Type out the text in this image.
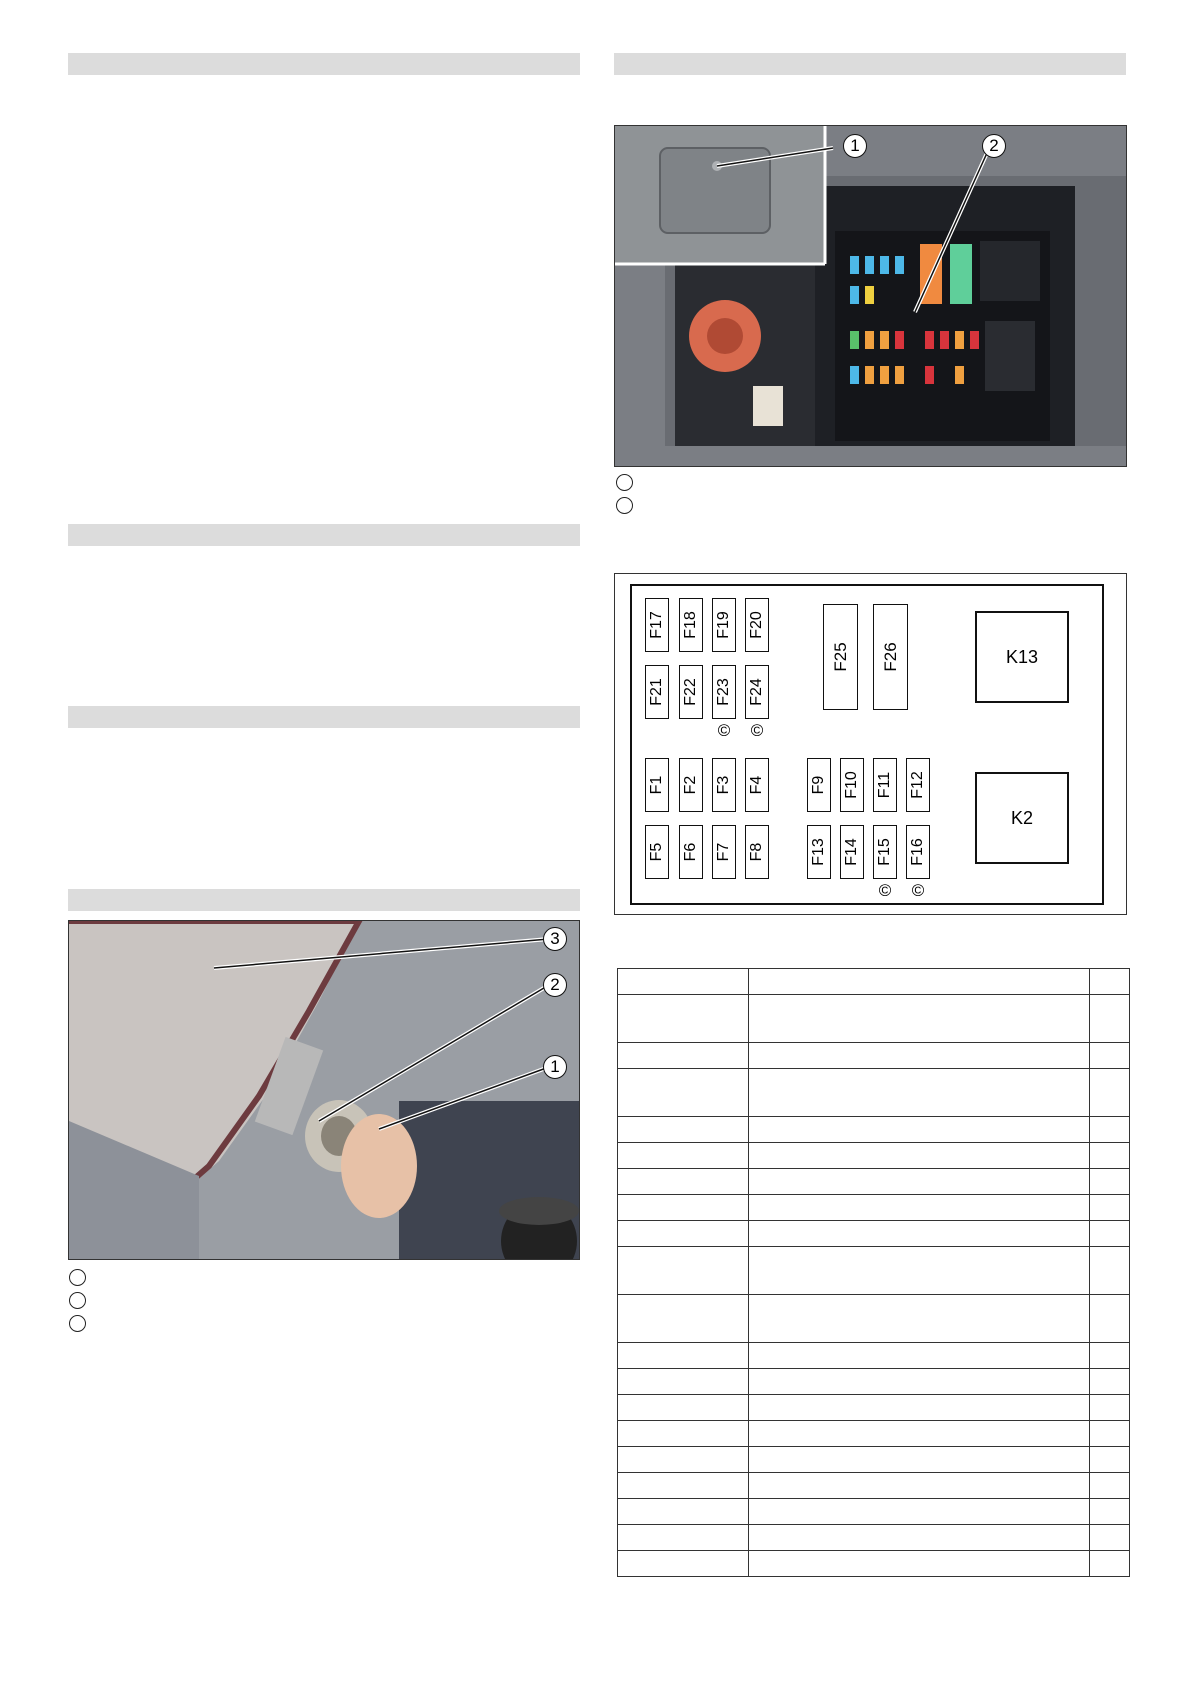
3
2
1
1	2
F17 F18 F19 F20
F21 F22 F23 F24
© ©
F25 F26	K13
K2
F1 F2 F3 F4
F5 F6 F7 F8
F9 F10 F11 F12
F13 F14 F15 F16
© ©
